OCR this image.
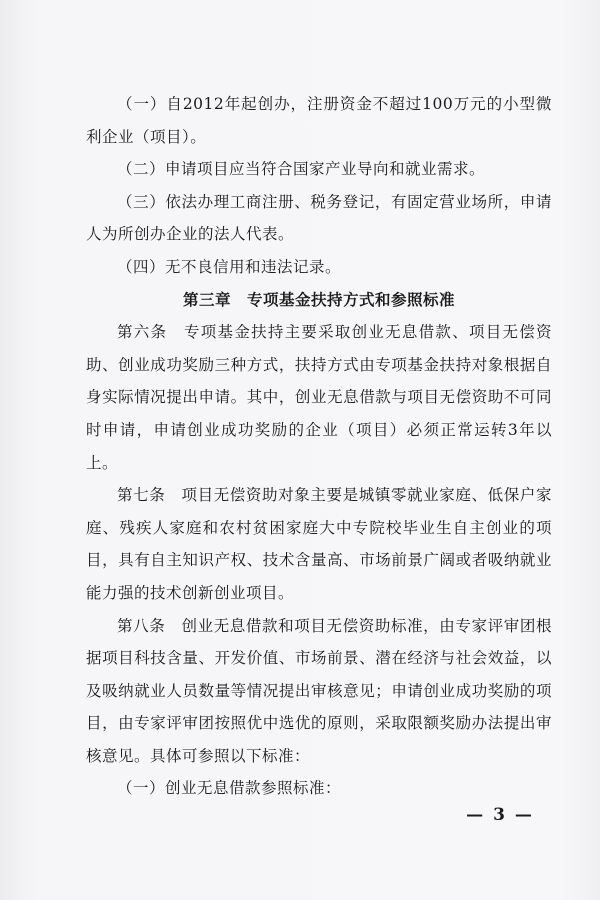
（一）自2012年起创办，注册资金不超过100万元的小型微利企业（项目）。

（二）申请项目应当符合国家产业导向和就业需求。

（三）依法办理工商注册、税务登记，有固定营业场所，申请人为所创办企业的法人代表。

（四）无不良信用和违法记录。

第三章　专项基金扶持方式和参照标准

第六条　专项基金扶持主要采取创业无息借款、项目无偿资助、创业成功奖励三种方式，扶持方式由专项基金扶持对象根据自身实际情况提出申请。其中，创业无息借款与项目无偿资助不可同时申请，申请创业成功奖励的企业（项目）必须正常运转3年以上。

第七条　项目无偿资助对象主要是城镇零就业家庭、低保户家庭、残疾人家庭和农村贫困家庭大中专院校毕业生自主创业的项目，具有自主知识产权、技术含量高、市场前景广阔或者吸纳就业能力强的技术创新创业项目。

第八条　创业无息借款和项目无偿资助标准，由专家评审团根据项目科技含量、开发价值、市场前景、潜在经济与社会效益，以及吸纳就业人员数量等情况提出审核意见；申请创业成功奖励的项目，由专家评审团按照优中选优的原则，采取限额奖励办法提出审核意见。具体可参照以下标准：

（一）创业无息借款参照标准：

— 3 —
